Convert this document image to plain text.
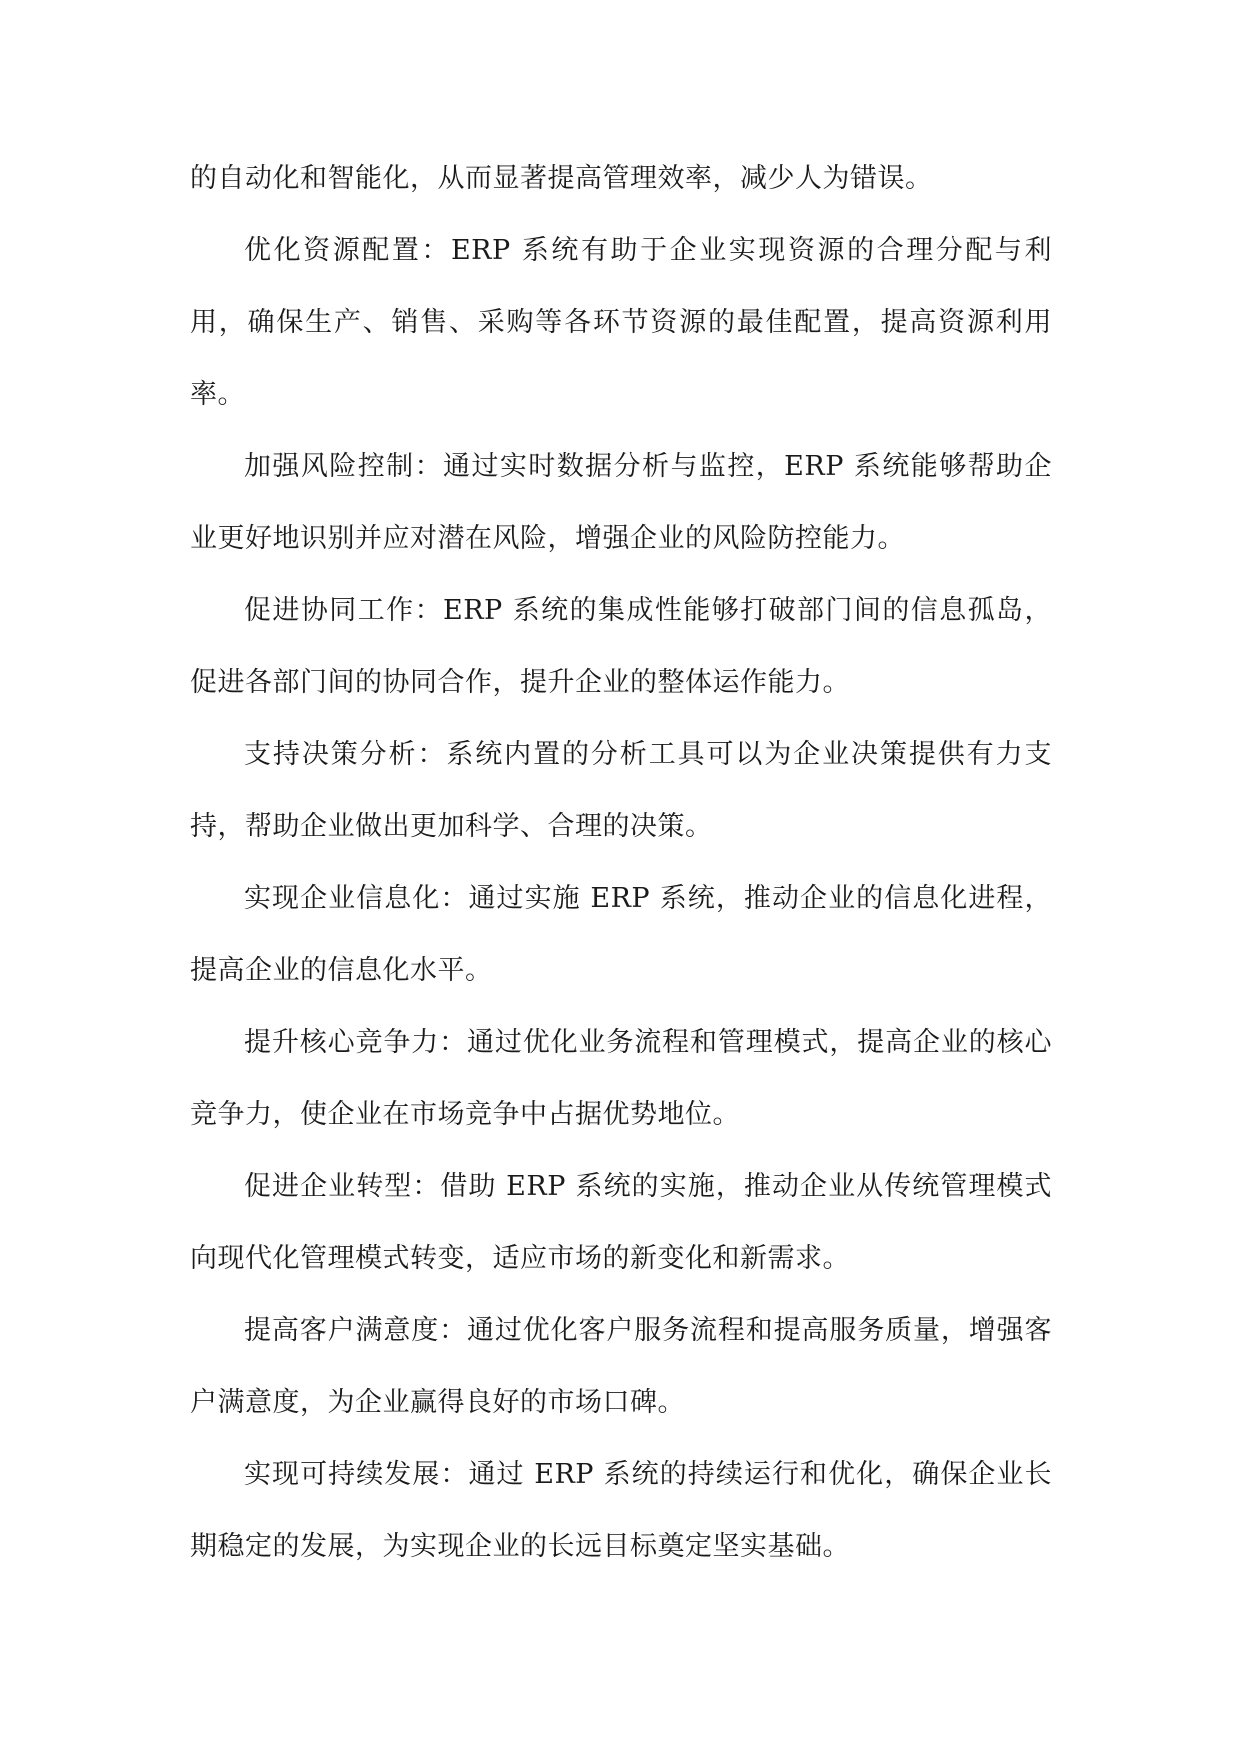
的自动化和智能化，从而显著提高管理效率，减少人为错误。

优化资源配置：ERP 系统有助于企业实现资源的合理分配与利用，确保生产、销售、采购等各环节资源的最佳配置，提高资源利用率。

加强风险控制：通过实时数据分析与监控，ERP 系统能够帮助企业更好地识别并应对潜在风险，增强企业的风险防控能力。

促进协同工作：ERP 系统的集成性能够打破部门间的信息孤岛，促进各部门间的协同合作，提升企业的整体运作能力。

支持决策分析：系统内置的分析工具可以为企业决策提供有力支持，帮助企业做出更加科学、合理的决策。

实现企业信息化：通过实施 ERP 系统，推动企业的信息化进程，提高企业的信息化水平。

提升核心竞争力：通过优化业务流程和管理模式，提高企业的核心竞争力，使企业在市场竞争中占据优势地位。

促进企业转型：借助 ERP 系统的实施，推动企业从传统管理模式向现代化管理模式转变，适应市场的新变化和新需求。

提高客户满意度：通过优化客户服务流程和提高服务质量，增强客户满意度，为企业赢得良好的市场口碑。

实现可持续发展：通过 ERP 系统的持续运行和优化，确保企业长期稳定的发展，为实现企业的长远目标奠定坚实基础。
